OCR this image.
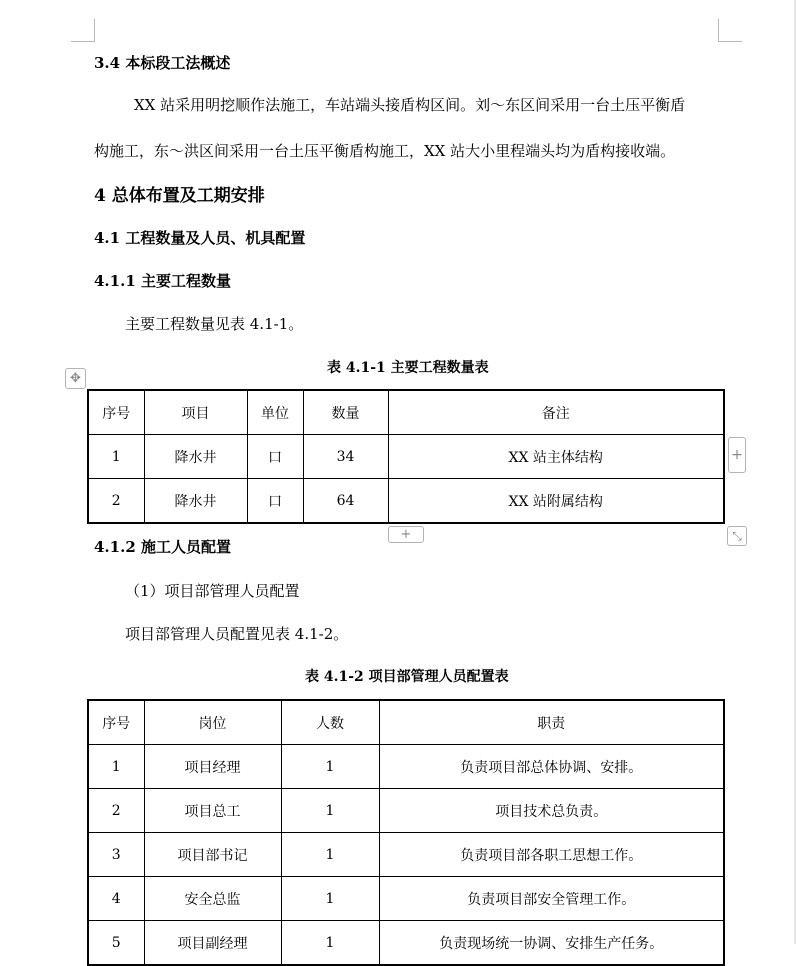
3.4 本标段工法概述
XX 站采用明挖顺作法施工，车站端头接盾构区间。刘～东区间采用一台土压平衡盾
构施工，东～洪区间采用一台土压平衡盾构施工，XX 站大小里程端头均为盾构接收端。
4 总体布置及工期安排
4.1 工程数量及人员、机具配置
4.1.1 主要工程数量
主要工程数量见表 4.1-1。
表 4.1-1 主要工程数量表
✥
序号	项目	单位	数量	备注
1	降水井	口	34	XX 站主体结构
2	降水井	口	64	XX 站附属结构
+
+	⤡
4.1.2 施工人员配置
（1）项目部管理人员配置
项目部管理人员配置见表 4.1-2。
表 4.1-2 项目部管理人员配置表
序号	岗位	人数	职责
1	项目经理	1	负责项目部总体协调、安排。
2	项目总工	1	项目技术总负责。
3	项目部书记	1	负责项目部各职工思想工作。
4	安全总监	1	负责项目部安全管理工作。
5	项目副经理	1	负责现场统一协调、安排生产任务。
